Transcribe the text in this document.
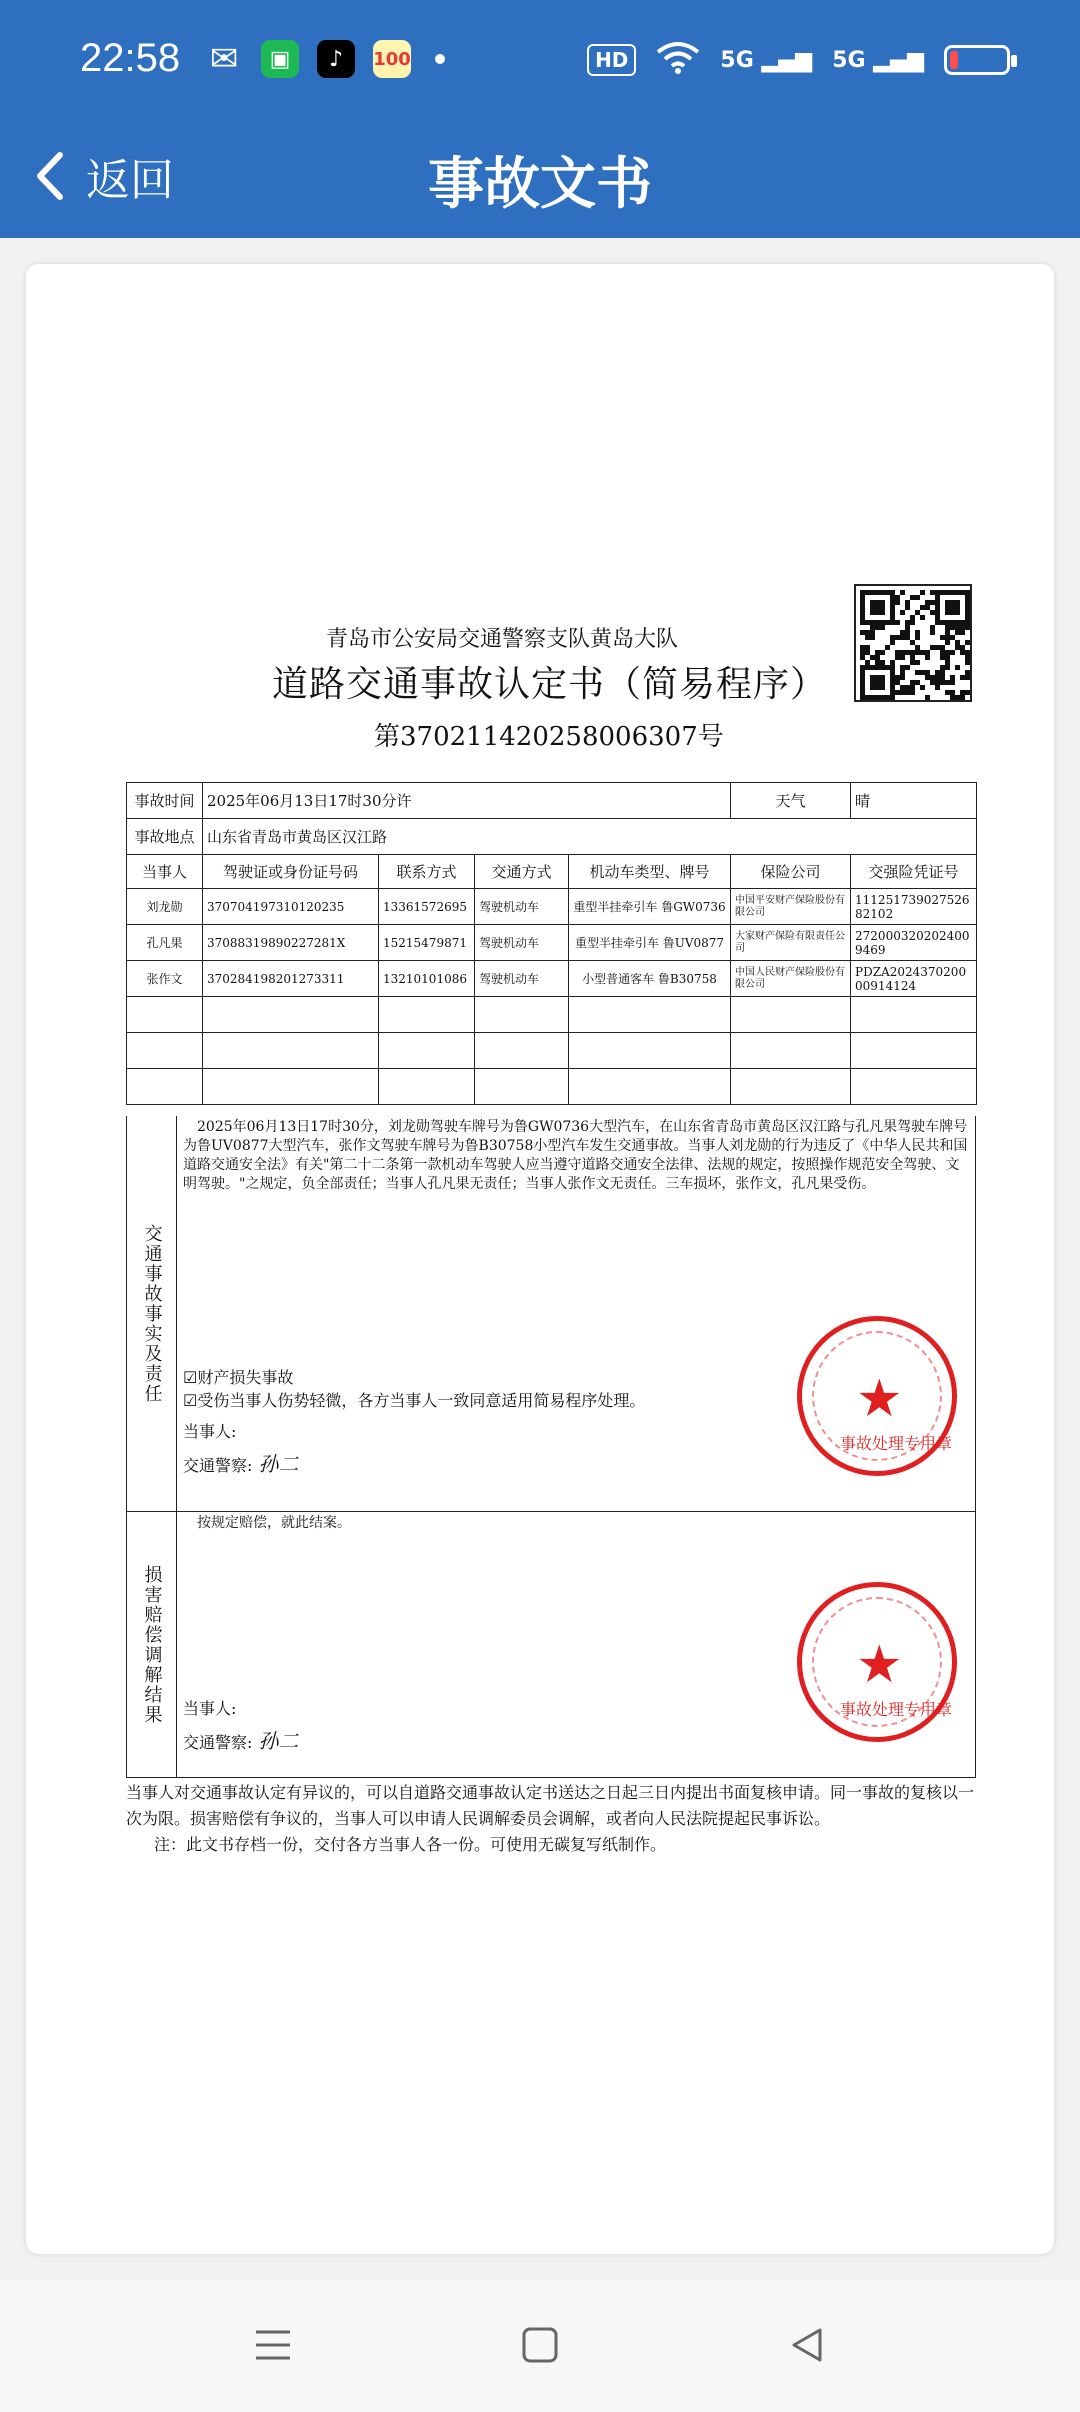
22:58 ✉	▣	♪	100	HD	5G ▂▄▆ 5G ▂▄▆
返回	事故文书
青岛市公安局交通警察支队黄岛大队
道路交通事故认定书（简易程序）
第370211420258006307号
事故时间	2025年06月13日17时30分许				天气	晴
事故地点	山东省青岛市黄岛区汉江路					
当事人	驾驶证或身份证号码	联系方式	交通方式	机动车类型、牌号	保险公司	交强险凭证号
刘龙勋	370704197310120235	13361572695	驾驶机动车	重型半挂牵引车 鲁GW0736	中国平安财产保险股份有限公司	11125173902752682102
孔凡果	37088319890227281X	15215479871	驾驶机动车	重型半挂牵引车 鲁UV0877	大家财产保险有限责任公司	2720003202024009469
张作文	370284198201273311	13210101086	驾驶机动车	小型普通客车 鲁B30758	中国人民财产保险股份有限公司	PDZA202437020000914124

交通事故事实及责任
2025年06月13日17时30分，刘龙勋驾驶车牌号为鲁GW0736大型汽车，在山东省青岛市黄岛区汉江路与孔凡果驾驶车牌号为鲁UV0877大型汽车，张作文驾驶车牌号为鲁B30758小型汽车发生交通事故。当事人刘龙勋的行为违反了《中华人民共和国道路交通安全法》有关"第二十二条第一款机动车驾驶人应当遵守道路交通安全法律、法规的规定，按照操作规范安全驾驶、文明驾驶。"之规定，负全部责任；当事人孔凡果无责任；当事人张作文无责任。三车损坏，张作文，孔凡果受伤。
☑财产损失事故
☑受伤当事人伤势轻微，各方当事人一致同意适用简易程序处理。
当事人:
交通警察: 孙二
★
事故处理专用章
损害赔偿调解结果
按规定赔偿，就此结案。
当事人:
交通警察: 孙二
★
事故处理专用章
当事人对交通事故认定有异议的，可以自道路交通事故认定书送达之日起三日内提出书面复核申请。同一事故的复核以一次为限。损害赔偿有争议的，当事人可以申请人民调解委员会调解，或者向人民法院提起民事诉讼。
注：此文书存档一份，交付各方当事人各一份。可使用无碳复写纸制作。
